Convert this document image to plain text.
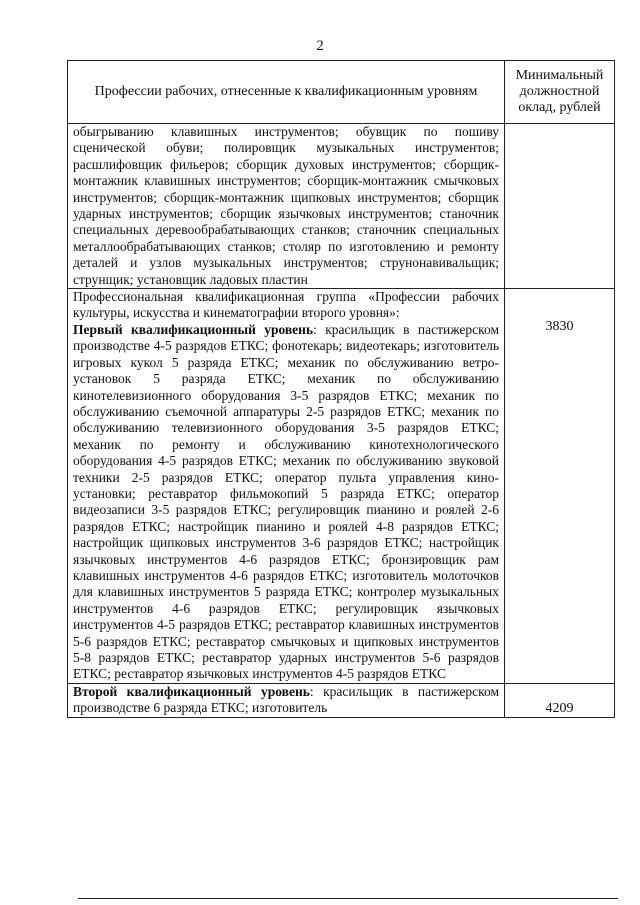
2
Профессии рабочих, отнесенные к квалификационным уровням	Минимальный должностной оклад, рублей
обыгрыванию клавишных инструментов; обувщик по пошиву сценической обуви; полировщик музыкальных инструментов; расшлифовщик фильеров; сборщик духовых инструментов; сборщик-монтажник клавишных инструментов; сборщик-монтажник смычковых инструментов; сборщик-монтажник щипковых инструментов; сборщик ударных инструментов; сборщик язычковых инструментов; станочник специальных деревообрабатывающих станков; станочник специальных металлообрабатывающих станков; столяр по изготовлению и ремонту деталей и узлов музыкальных инструментов; струнонавивальщик; струнщик; установщик ладовых пластин	

Профессиональная квалификационная группа «Профессии рабочих культуры, искусства и кинематографии второго уровня»:
Первый квалификационный уровень: красильщик в пастижерском производстве 4-5 разрядов ЕТКС; фонотекарь; видеотекарь; изготовитель игровых кукол 5 разряда ЕТКС; механик по обслуживанию ветро-установок 5 разряда ЕТКС; механик по обслуживанию кинотелевизионного оборудования 3-5 разрядов ЕТКС; механик по обслуживанию съемочной аппаратуры 2-5 разрядов ЕТКС; механик по обслуживанию телевизионного оборудования 3-5 разрядов ЕТКС; механик по ремонту и обслуживанию кинотехнологического оборудования 4-5 разрядов ЕТКС; механик по обслуживанию звуковой техники 2-5 разрядов ЕТКС; оператор пульта управления кино-установки; реставратор фильмокопий 5 разряда ЕТКС; оператор видеозаписи 3-5 разрядов ЕТКС; регулировщик пианино и роялей 2-6 разрядов ЕТКС; настройщик пианино и роялей 4-8 разрядов ЕТКС; настройщик щипковых инструментов 3-6 разрядов ЕТКС; настройщик язычковых инструментов 4-6 разрядов ЕТКС; бронзировщик рам клавишных инструментов 4-6 разрядов ЕТКС; изготовитель молоточков для клавишных инструментов 5 разряда ЕТКС; контролер музыкальных инструментов 4-6 разрядов ЕТКС; регулировщик язычковых инструментов 4-5 разрядов ЕТКС; реставратор клавишных инструментов 5-6 разрядов ЕТКС; реставратор смычковых и щипковых инструментов 5-8 разрядов ЕТКС; реставратор ударных инструментов 5-6 разрядов ЕТКС; реставратор язычковых инструментов 4-5 разрядов ЕТКС	3830
Второй квалификационный уровень: красильщик в пастижерском производстве 6 разряда ЕТКС; изготовитель	4209
